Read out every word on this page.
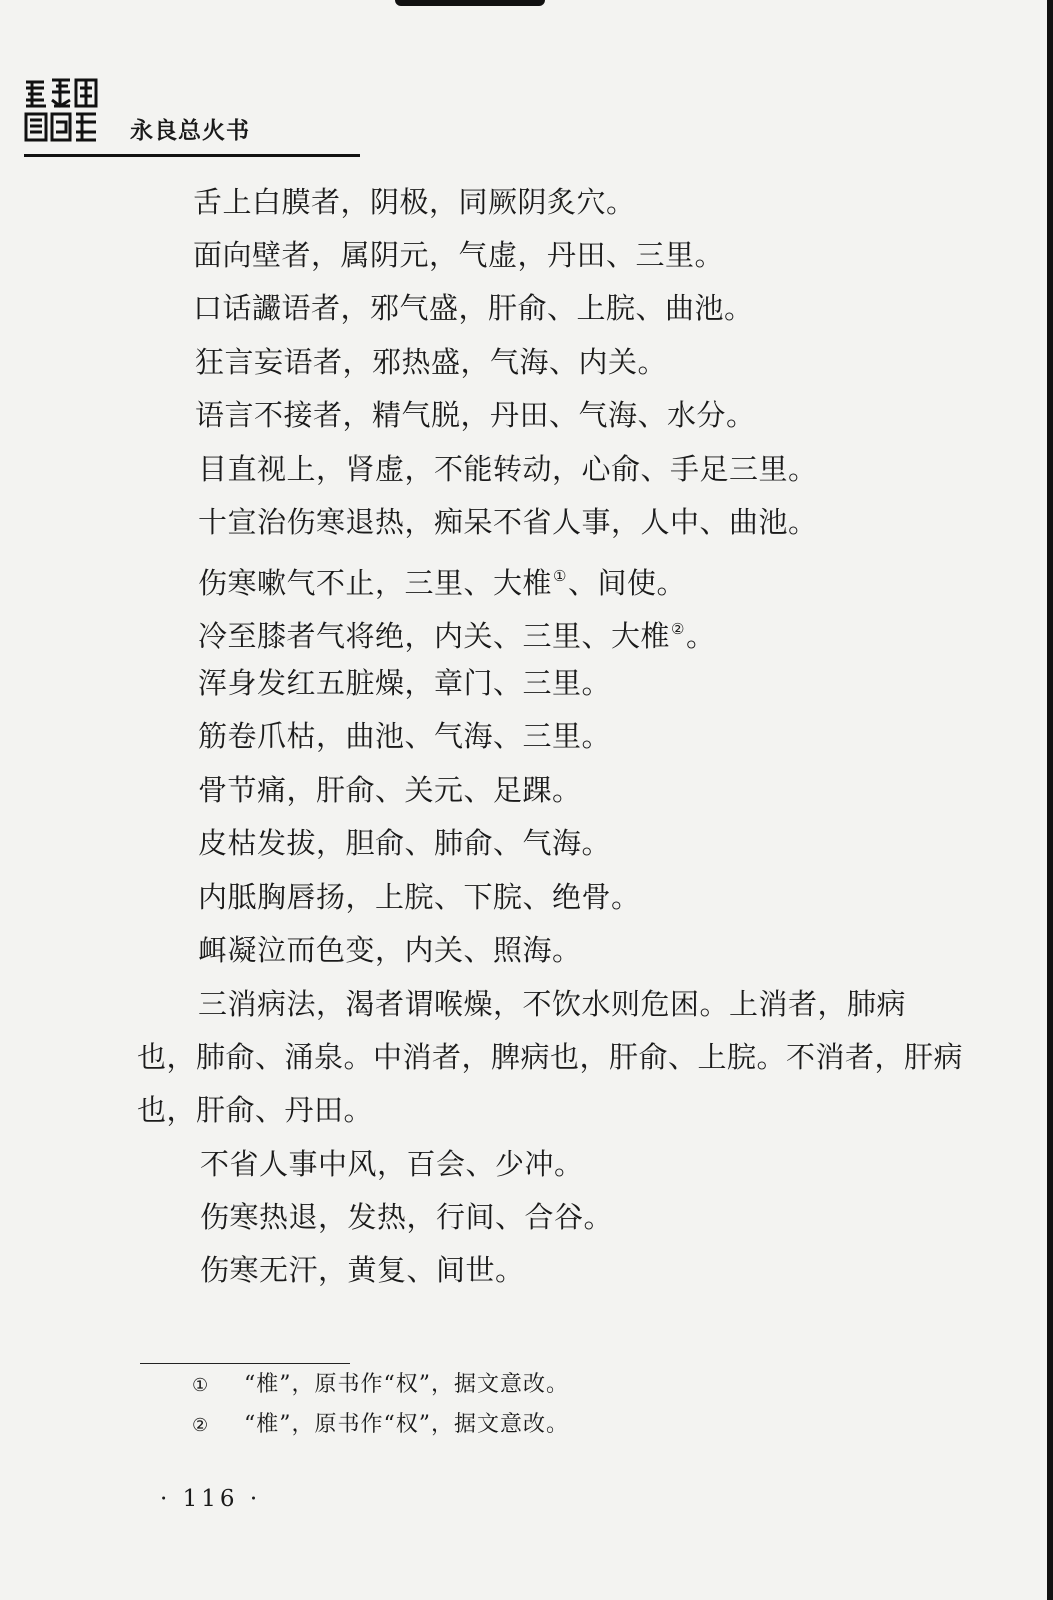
永良总火书
舌上白膜者，阴极，同厥阴炙穴。
面向壁者，属阴元，气虚，丹田、三里。
口话讝语者，邪气盛，肝俞、上脘、曲池。
狂言妄语者，邪热盛，气海、内关。
语言不接者，精气脱，丹田、气海、水分。
目直视上，肾虚，不能转动，心俞、手足三里。
十宣治伤寒退热，痴呆不省人事，人中、曲池。
伤寒嗽气不止，三里、大椎①、间使。
冷至膝者气将绝，内关、三里、大椎②。
浑身发红五脏燥，章门、三里。
筋卷爪枯，曲池、气海、三里。
骨节痛，肝俞、关元、足踝。
皮枯发拔，胆俞、肺俞、气海。
内胝胸唇扬，上脘、下脘、绝骨。
衈凝泣而色变，内关、照海。
三消病法，渴者谓喉燥，不饮水则危困。上消者，肺病
也，肺俞、涌泉。中消者，脾病也，肝俞、上脘。不消者，肝病
也，肝俞、丹田。
不省人事中风，百会、少冲。
伤寒热退，发热，行间、合谷。
伤寒无汗，黄复、间世。
① “椎”，原书作“权”，据文意改。
② “椎”，原书作“权”，据文意改。
· 116 ·
